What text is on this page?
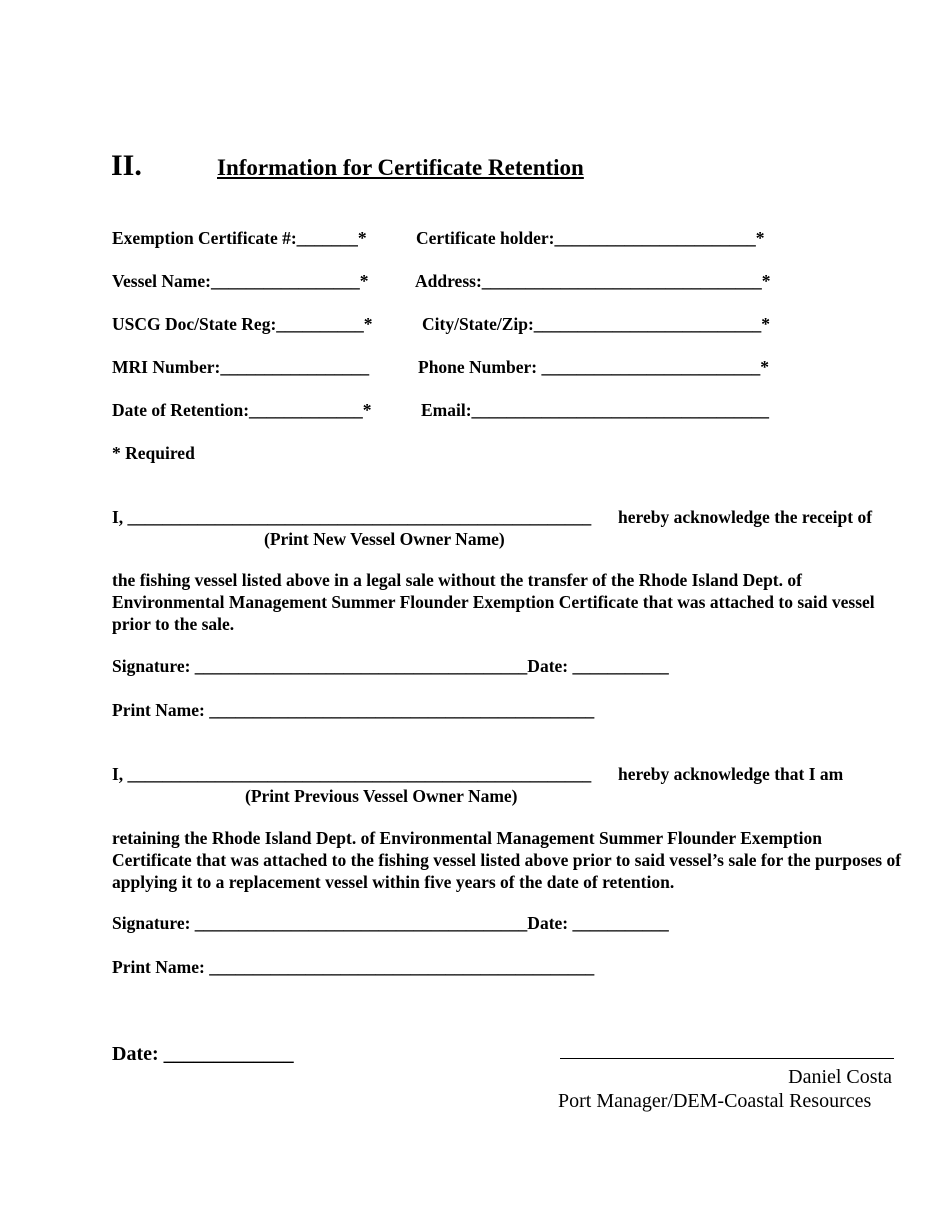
II.	Information for Certificate Retention
Exemption Certificate #:_______*
Vessel Name:_________________*
USCG Doc/State Reg:__________*
MRI Number:_________________
Date of Retention:_____________*
Certificate holder:_______________________*
Address:________________________________*
City/State/Zip:__________________________*
Phone Number: _________________________*
Email:__________________________________
* Required
I, _____________________________________________________ hereby acknowledge the receipt of
(Print New Vessel Owner Name)
the fishing vessel listed above in a legal sale without the transfer of the Rhode Island Dept. of Environmental Management Summer Flounder Exemption Certificate that was attached to said vessel prior to the sale.
Signature: ______________________________________Date: ___________
Print Name: ____________________________________________
I, _____________________________________________________ hereby acknowledge that I am
(Print Previous Vessel Owner Name)
retaining the Rhode Island Dept. of Environmental Management Summer Flounder Exemption Certificate that was attached to the fishing vessel listed above prior to said vessel’s sale for the purposes of applying it to a replacement vessel within five years of the date of retention.
Signature: ______________________________________Date: ___________
Print Name: ____________________________________________
Date: _____________
Daniel Costa
Port Manager/DEM-Coastal Resources
